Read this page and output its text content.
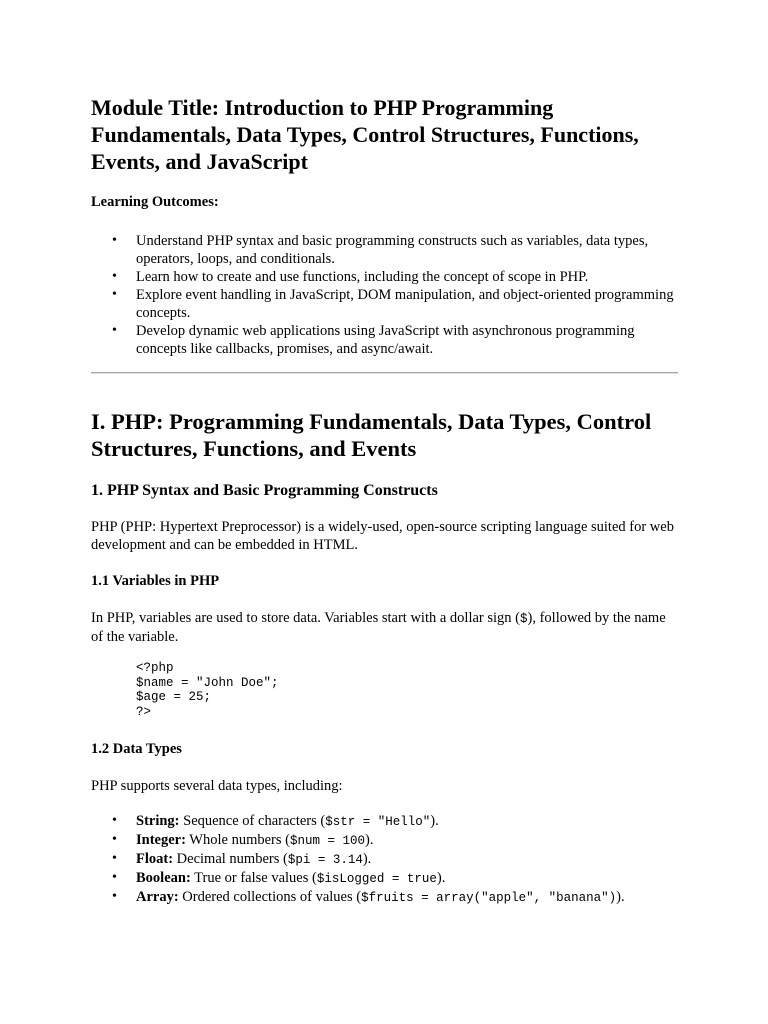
Module Title: Introduction to PHP Programming Fundamentals, Data Types, Control Structures, Functions, Events, and JavaScript
Learning Outcomes:
• Understand PHP syntax and basic programming constructs such as variables, data types, operators, loops, and conditionals.
• Learn how to create and use functions, including the concept of scope in PHP.
• Explore event handling in JavaScript, DOM manipulation, and object-oriented programming concepts.
• Develop dynamic web applications using JavaScript with asynchronous programming concepts like callbacks, promises, and async/await.
I. PHP: Programming Fundamentals, Data Types, Control Structures, Functions, and Events
1. PHP Syntax and Basic Programming Constructs

PHP (PHP: Hypertext Preprocessor) is a widely-used, open-source scripting language suited for web development and can be embedded in HTML.

1.1 Variables in PHP

In PHP, variables are used to store data. Variables start with a dollar sign ($), followed by the name of the variable.

<?php
$name = "John Doe";
$age = 25;
?>
1.2 Data Types

PHP supports several data types, including:

• String: Sequence of characters ($str = "Hello").
• Integer: Whole numbers ($num = 100).
• Float: Decimal numbers ($pi = 3.14).
• Boolean: True or false values ($isLogged = true).
• Array: Ordered collections of values ($fruits = array("apple", "banana")).
